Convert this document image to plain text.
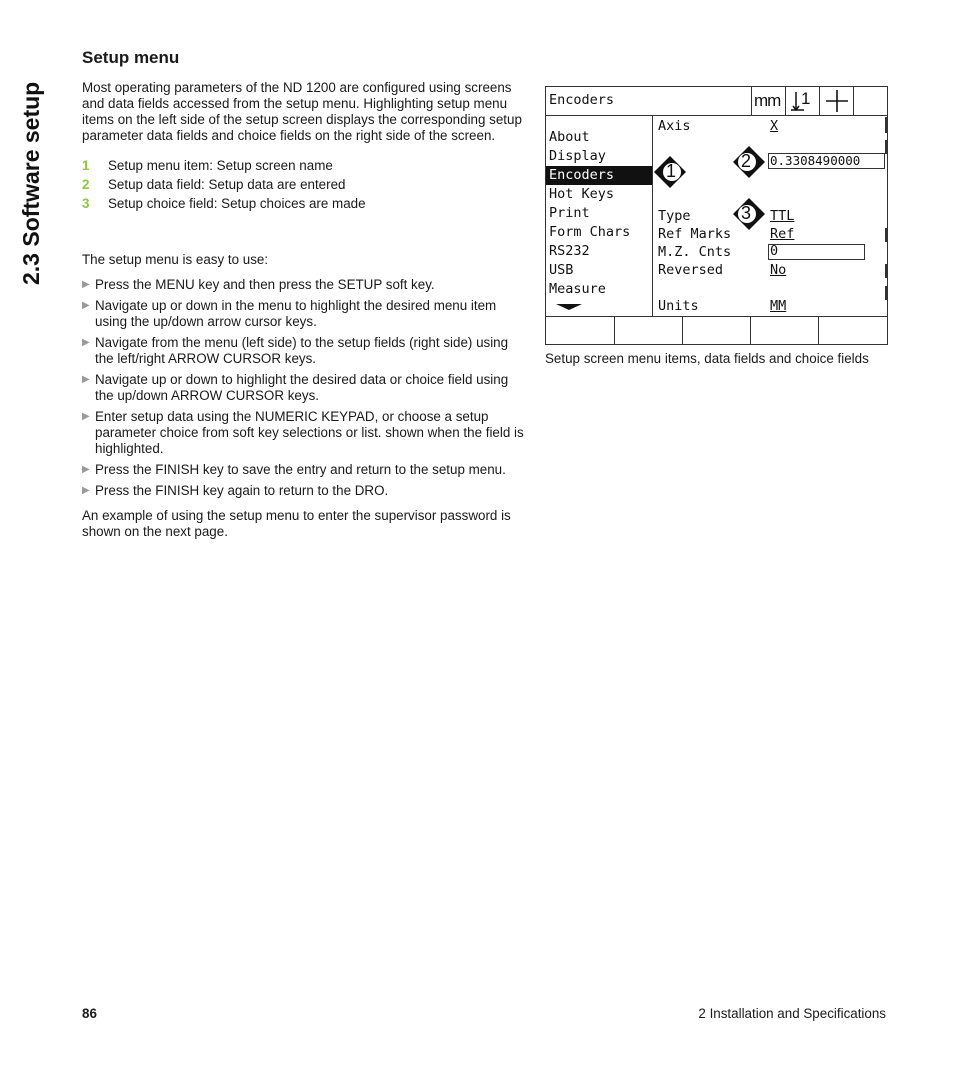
2.3 Software setup
Setup menu
Most operating parameters of the ND 1200 are configured using screens and data fields accessed from the setup menu. Highlighting setup menu items on the left side of the setup screen displays the corresponding setup parameter data fields and choice fields on the right side of the screen.
1	Setup menu item: Setup screen name
2	Setup data field: Setup data are entered
3	Setup choice field: Setup choices are made
The setup menu is easy to use:
▶ Press the MENU key and then press the SETUP soft key.
▶ Navigate up or down in the menu to highlight the desired menu item using the up/down arrow cursor keys.
▶ Navigate from the menu (left side) to the setup fields (right side) using the left/right ARROW CURSOR keys.
▶ Navigate up or down to highlight the desired data or choice field using the up/down ARROW CURSOR keys.
▶ Enter setup data using the NUMERIC KEYPAD, or choose a setup parameter choice from soft key selections or list. shown when the field is highlighted.
▶ Press the FINISH key to save the entry and return to the setup menu.
▶ Press the FINISH key again to return to the DRO.
An example of using the setup menu to enter the supervisor password is shown on the next page.
Encoders	mm 1
About
Display
Encoders
Hot Keys
Print
Form Chars
RS232
USB
Measure
Axis	X
0.3308490000
Type	TTL
Ref Marks	Ref
M.Z. Cnts	0
Reversed	No
Units	MM
1	2
3
Setup screen menu items, data fields and choice fields
86	2 Installation and Specifications
